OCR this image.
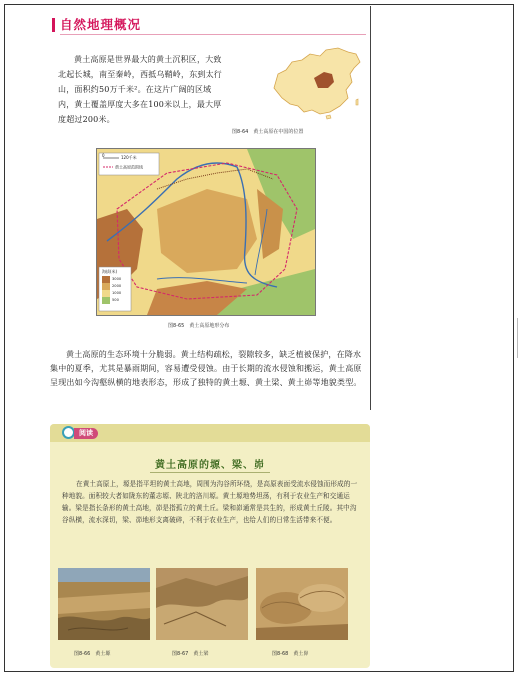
自然地理概况
黄土高原是世界最大的黄土沉积区，大致北起长城，南至秦岭，西抵乌鞘岭，东到太行山，面积约50万千米²。在这片广阔的区域内，黄土覆盖厚度大多在100米以上，最大厚度超过200米。
图8-64　黄土高原在中国的位置
0	120千米
黄土高原范围线
海拔(米)
3000
2000
1000
500
图8-65　黄土高原地形分布
黄土高原的生态环境十分脆弱。黄土结构疏松，裂隙较多，缺乏植被保护，在降水集中的夏季，尤其是暴雨期间，容易遭受侵蚀。由于长期的流水侵蚀和搬运，黄土高原呈现出如今沟壑纵横的地表形态，形成了独特的黄土塬、黄土梁、黄土峁等地貌类型。
阅读
黄土高原的塬、梁、峁
在黄土高原上，塬是指平坦的黄土高地，周围为沟谷所环绕，是高原表面受流水侵蚀而形成的一种地貌。面积较大者如陇东的董志塬、陕北的洛川塬。黄土塬地势坦荡，有利于农业生产和交通运输。梁是指长条形的黄土高地，峁是指孤立的黄土丘。梁和峁通常是共生的，形成黄土丘陵。其中沟谷纵横，流水深切，梁、峁地形支离破碎，不利于农业生产，也给人们的日常生活带来不便。
图8-66　黄土塬	图8-67　黄土梁	图8-68　黄土峁
